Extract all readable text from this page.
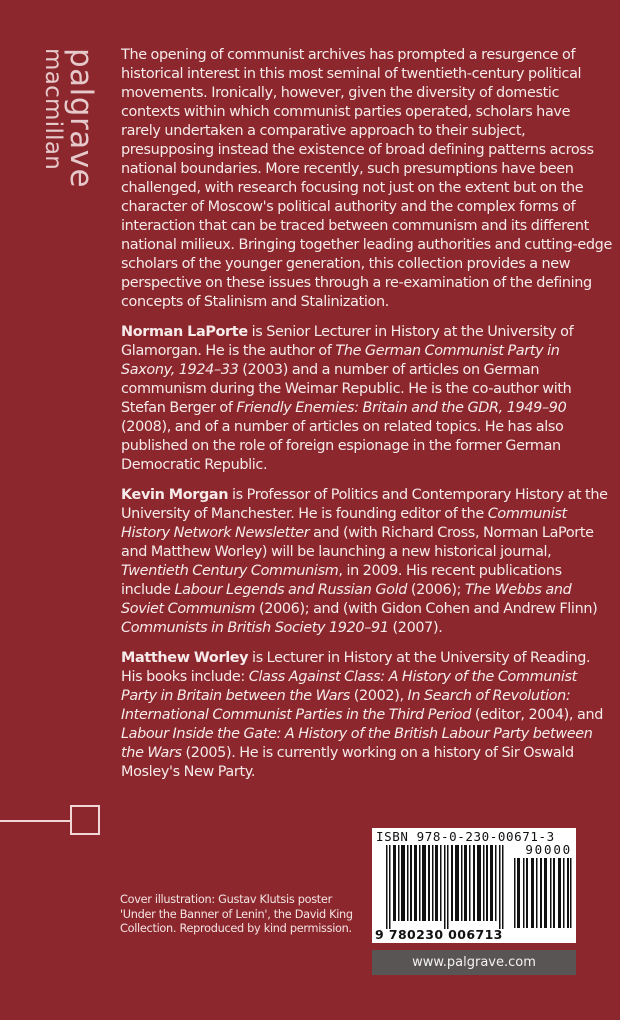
palgrave
macmillan	The opening of communist archives has prompted a resurgence of historical interest in this most seminal of twentieth-century political movements. Ironically, however, given the diversity of domestic contexts within which communist parties operated, scholars have rarely undertaken a comparative approach to their subject, presupposing instead the existence of broad defining patterns across national boundaries. More recently, such presumptions have been challenged, with research focusing not just on the extent but on the character of Moscow's political authority and the complex forms of interaction that can be traced between communism and its different national milieux. Bringing together leading authorities and cutting-edge scholars of the younger generation, this collection provides a new perspective on these issues through a re-examination of the defining concepts of Stalinism and Stalinization.

Norman LaPorte is Senior Lecturer in History at the University of Glamorgan. He is the author of The German Communist Party in Saxony, 1924–33 (2003) and a number of articles on German communism during the Weimar Republic. He is the co-author with Stefan Berger of Friendly Enemies: Britain and the GDR, 1949–90 (2008), and of a number of articles on related topics. He has also published on the role of foreign espionage in the former German Democratic Republic.

Kevin Morgan is Professor of Politics and Contemporary History at the University of Manchester. He is founding editor of the Communist History Network Newsletter and (with Richard Cross, Norman LaPorte and Matthew Worley) will be launching a new historical journal, Twentieth Century Communism, in 2009. His recent publications include Labour Legends and Russian Gold (2006); The Webbs and Soviet Communism (2006); and (with Gidon Cohen and Andrew Flinn) Communists in British Society 1920–91 (2007).

Matthew Worley is Lecturer in History at the University of Reading. His books include: Class Against Class: A History of the Communist Party in Britain between the Wars (2002), In Search of Revolution: International Communist Parties in the Third Period (editor, 2004), and Labour Inside the Gate: A History of the British Labour Party between the Wars (2005). He is currently working on a history of Sir Oswald Mosley's New Party.

Cover illustration: Gustav Klutsis poster 'Under the Banner of Lenin', the David King Collection. Reproduced by kind permission.
ISBN 978-0-230-00671-3
90000
9 780230 006713
www.palgrave.com
